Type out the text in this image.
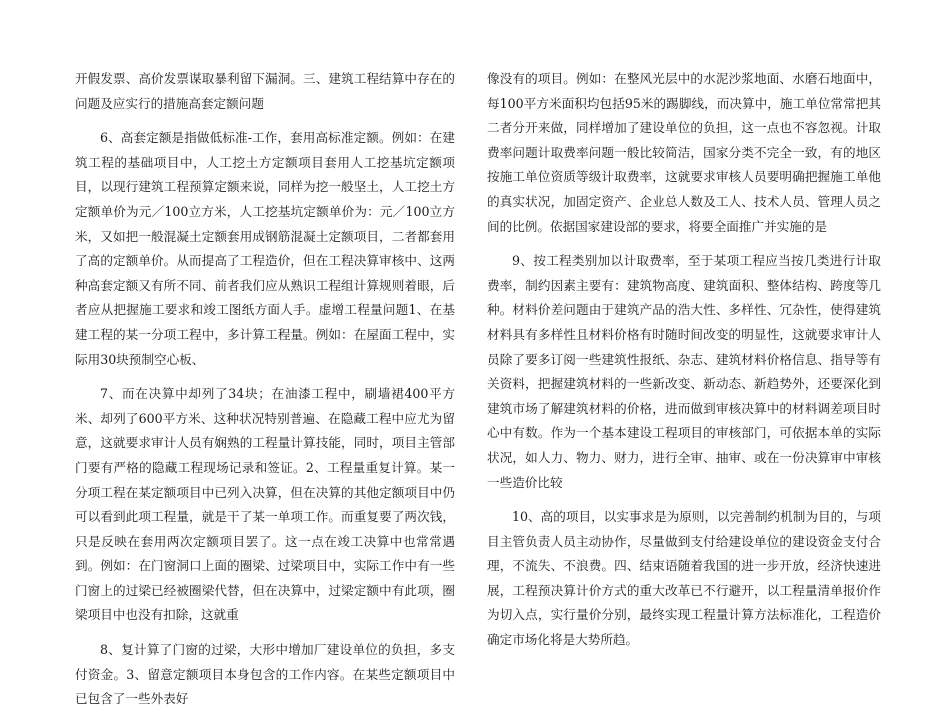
开假发票、高价发票谋取暴利留下漏洞。三、建筑工程结算中存在的问题及应实行的措施高套定额问题

6、高套定额是指做低标准-工作，套用高标准定额。例如：在建筑工程的基础项目中，人工挖土方定额项目套用人工挖基坑定额项目，以现行建筑工程预算定额来说，同样为挖一般坚土，人工挖土方定额单价为元／100立方米，人工挖基坑定额单价为：元／100立方米，又如把一般混凝土定额套用成钢筋混凝土定额项目，二者都套用了高的定额单价。从而提高了工程造价，但在工程决算审核中、这两种高套定额又有所不同、前者我们应从熟识工程组计算规则着眼，后者应从把握施工要求和竣工图纸方面人手。虚增工程量问题1、在基建工程的某一分项工程中，多计算工程量。例如：在屋面工程中，实际用30块预制空心板、

7、而在决算中却列了34块；在油漆工程中，刷墙裙400平方米、却列了600平方米、这种状况特别普遍、在隐藏工程中应尤为留意，这就要求审计人员有娴熟的工程量计算技能，同时，项目主管部门要有严格的隐藏工程现场记录和签证。2、工程量重复计算。某一分项工程在某定额项目中已列入决算，但在决算的其他定额项目中仍可以看到此项工程量，就是干了某一单项工作。而重复要了两次钱，只是反映在套用两次定额项目罢了。这一点在竣工决算中也常常遇到。例如：在门窗洞口上面的圈梁、过梁项目中，实际工作中有一些门窗上的过梁已经被圈梁代替，但在决算中，过梁定额中有此项，圈梁项目中也没有扣除，这就重

8、复计算了门窗的过梁，大形中增加厂建设单位的负担，多支付资金。3、留意定额项目本身包含的工作内容。在某些定额项目中已包含了一些外表好

像没有的项目。例如：在整风光层中的水泥沙浆地面、水磨石地面中，每100平方米面积均包括95米的踢脚线，而决算中，施工单位常常把其二者分开来做，同样增加了建设单位的负担，这一点也不容忽视。计取费率问题计取费率问题一般比较简洁，国家分类不完全一致，有的地区按施工单位资质等级计取费率，这就要求审核人员要明确把握施工单他的真实状况，加固定资产、企业总人数及工人、技术人员、管理人员之间的比例。依据国家建设部的要求，将要全面推广并实施的是

9、按工程类别加以计取费率，至于某项工程应当按几类进行计取费率，制约因素主要有：建筑物高度、建筑面积、整体结构、跨度等几种。材料价差问题由于建筑产品的浩大性、多样性、冗杂性，使得建筑材料具有多样性且材料价格有时随时间改变的明显性，这就要求审计人员除了要多订阅一些建筑性报纸、杂志、建筑材料价格信息、指导等有关资料，把握建筑材料的一些新改变、新动态、新趋势外，还要深化到建筑市场了解建筑材料的价格，进而做到审核决算中的材料调差项目时心中有数。作为一个基本建设工程项目的审核部门，可依据本单的实际状况，如人力、物力、财力，进行全审、抽审、或在一份决算审中审核一些造价比较

10、高的项目，以实事求是为原则，以完善制约机制为目的，与项目主管负责人员主动协作，尽量做到支付给建设单位的建设资金支付合理，不流失、不浪费。四、结束语随着我国的进一步开放，经济快速进展，工程预决算计价方式的重大改革已不行避开，以工程量清单报价作为切入点，实行量价分别，最终实现工程量计算方法标准化，工程造价确定市场化将是大势所趋。
